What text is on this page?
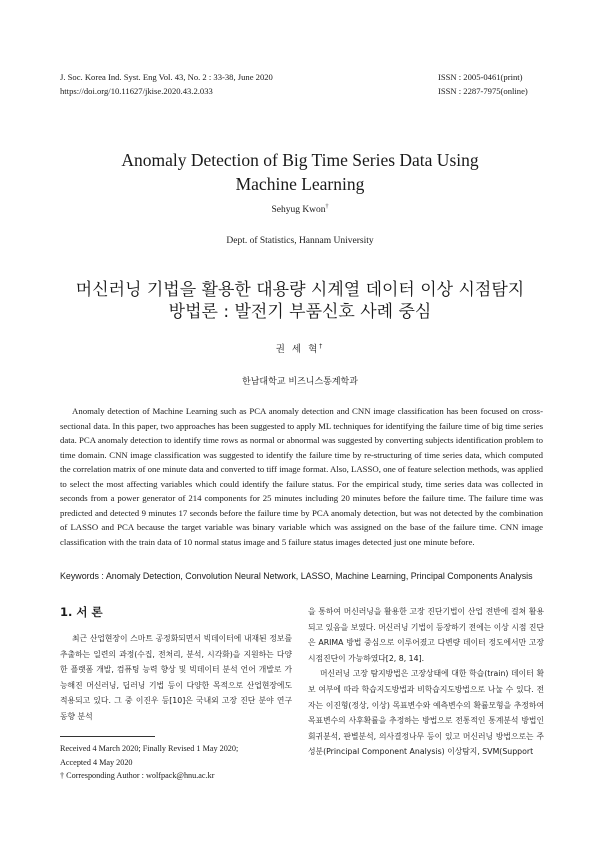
J. Soc. Korea Ind. Syst. Eng Vol. 43, No. 2 : 33-38, June 2020
https://doi.org/10.11627/jkise.2020.43.2.033
ISSN : 2005-0461(print)
ISSN : 2287-7975(online)
Anomaly Detection of Big Time Series Data Using
Machine Learning
Sehyug Kwon†
Dept. of Statistics, Hannam University
머신러닝 기법을 활용한 대용량 시계열 데이터 이상 시점탐지
방법론 : 발전기 부품신호 사례 중심
권 세 혁†
한남대학교 비즈니스통계학과
Anomaly detection of Machine Learning such as PCA anomaly detection and CNN image classification has been focused on cross-sectional data. In this paper, two approaches has been suggested to apply ML techniques for identifying the failure time of big time series data. PCA anomaly detection to identify time rows as normal or abnormal was suggested by converting subjects identification problem to time domain. CNN image classification was suggested to identify the failure time by re-structuring of time series data, which computed the correlation matrix of one minute data and converted to tiff image format. Also, LASSO, one of feature selection methods, was applied to select the most affecting variables which could identify the failure status. For the empirical study, time series data was collected in seconds from a power generator of 214 components for 25 minutes including 20 minutes before the failure time. The failure time was predicted and detected 9 minutes 17 seconds before the failure time by PCA anomaly detection, but was not detected by the combination of LASSO and PCA because the target variable was binary variable which was assigned on the base of the failure time. CNN image classification with the train data of 10 normal status image and 5 failure status images detected just one minute before.
Keywords : Anomaly Detection, Convolution Neural Network, LASSO, Machine Learning, Principal Components Analysis
1. 서 론

최근 산업현장이 스마트 공정화되면서 빅데이터에 내재된 정보를 추출하는 일련의 과정(수집, 전처리, 분석, 시각화)을 지원하는 다양한 플랫폼 개발, 컴퓨팅 능력 향상 및 빅데이터 분석 언어 개발로 가능해진 머신러닝, 딥러닝 기법 등이 다양한 목적으로 산업현장에도 적용되고 있다. 그 중 이진우 등[10]은 국내외 고장 진단 분야 연구 동향 분석

을 통하여 머신러닝을 활용한 고장 진단기법이 산업 전반에 걸쳐 활용되고 있음을 보였다. 머신러닝 기법이 등장하기 전에는 이상 시점 진단은 ARIMA 방법 중심으로 이루어졌고 다변량 데이터 정도에서만 고장 시점진단이 가능하였다[2, 8, 14].

머신러닝 고장 탐지방법은 고장상태에 대한 학습(train) 데이터 확보 여부에 따라 학습지도방법과 비학습지도방법으로 나눌 수 있다. 전자는 이진형(정상, 이상) 목표변수와 예측변수의 확률모형을 추정하여 목표변수의 사후확률을 추정하는 방법으로 전통적인 통계분석 방법인 회귀분석, 판별분석, 의사결정나무 등이 있고 머신러닝 방법으로는 주성분(Principal Component Analysis) 이상탐지, SVM(Support

Received 4 March 2020; Finally Revised 1 May 2020;
Accepted 4 May 2020
† Corresponding Author : wolfpack@hnu.ac.kr
